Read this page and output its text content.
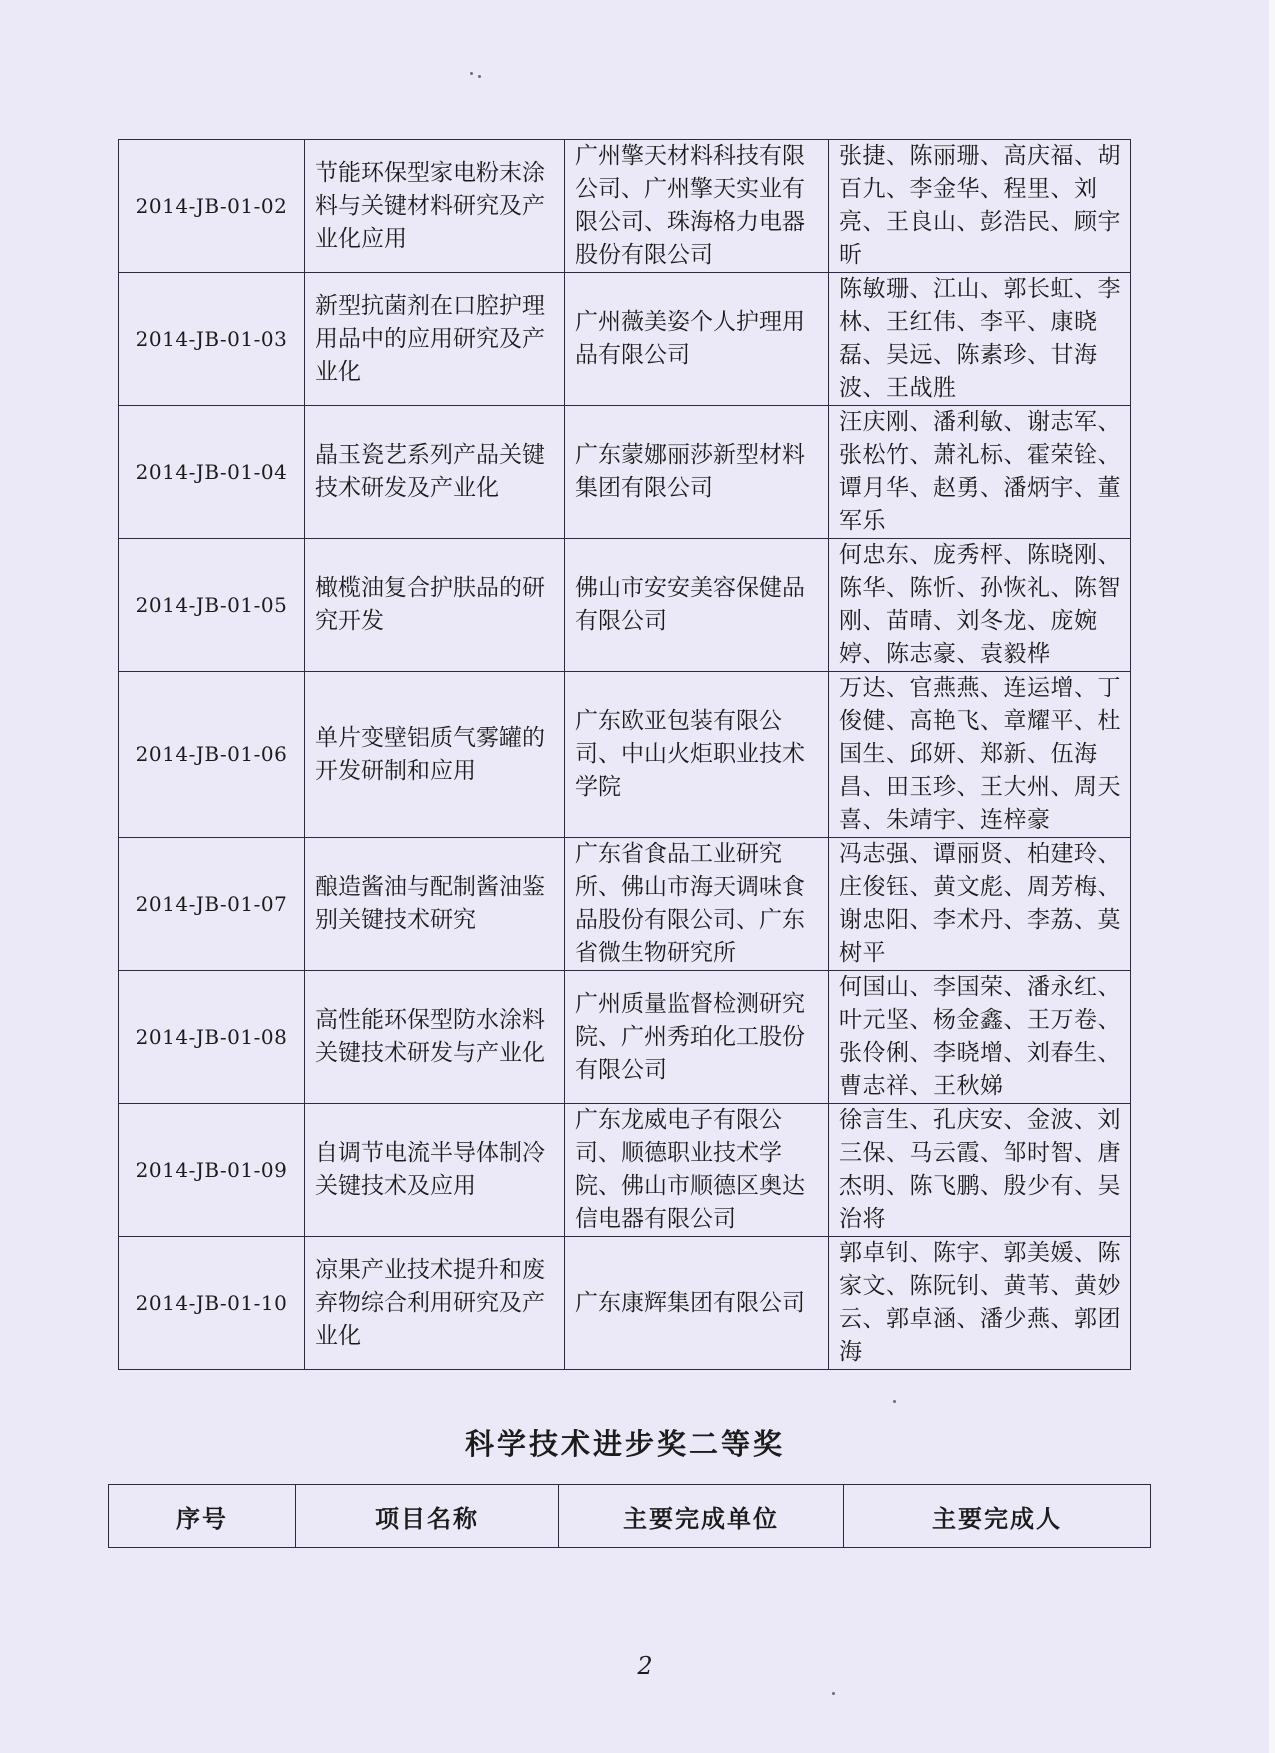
2014-JB-01-02	节能环保型家电粉末涂料与关键材料研究及产业化应用	广州擎天材料科技有限公司、广州擎天实业有限公司、珠海格力电器股份有限公司	张捷、陈丽珊、高庆福、胡百九、李金华、程里、刘亮、王良山、彭浩民、顾宇昕
2014-JB-01-03	新型抗菌剂在口腔护理用品中的应用研究及产业化	广州薇美姿个人护理用品有限公司	陈敏珊、江山、郭长虹、李林、王红伟、李平、康晓磊、吴远、陈素珍、甘海波、王战胜
2014-JB-01-04	晶玉瓷艺系列产品关键技术研发及产业化	广东蒙娜丽莎新型材料集团有限公司	汪庆刚、潘利敏、谢志军、张松竹、萧礼标、霍荣铨、谭月华、赵勇、潘炳宇、董军乐
2014-JB-01-05	橄榄油复合护肤品的研究开发	佛山市安安美容保健品有限公司	何忠东、庞秀枰、陈晓刚、陈华、陈忻、孙恢礼、陈智刚、苗晴、刘冬龙、庞婉婷、陈志豪、袁毅桦
2014-JB-01-06	单片变壁铝质气雾罐的开发研制和应用	广东欧亚包装有限公司、中山火炬职业技术学院	万达、官燕燕、连运增、丁俊健、高艳飞、章耀平、杜国生、邱妍、郑新、伍海昌、田玉珍、王大州、周天喜、朱靖宇、连梓豪
2014-JB-01-07	酿造酱油与配制酱油鉴别关键技术研究	广东省食品工业研究所、佛山市海天调味食品股份有限公司、广东省微生物研究所	冯志强、谭丽贤、柏建玲、庄俊钰、黄文彪、周芳梅、谢忠阳、李术丹、李荔、莫树平
2014-JB-01-08	高性能环保型防水涂料关键技术研发与产业化	广州质量监督检测研究院、广州秀珀化工股份有限公司	何国山、李国荣、潘永红、叶元坚、杨金鑫、王万卷、张伶俐、李晓增、刘春生、曹志祥、王秋娣
2014-JB-01-09	自调节电流半导体制冷关键技术及应用	广东龙威电子有限公司、顺德职业技术学院、佛山市顺德区奥达信电器有限公司	徐言生、孔庆安、金波、刘三保、马云霞、邹时智、唐杰明、陈飞鹏、殷少有、吴治将
2014-JB-01-10	凉果产业技术提升和废弃物综合利用研究及产业化	广东康辉集团有限公司	郭卓钊、陈宇、郭美媛、陈家文、陈阮钊、黄苇、黄妙云、郭卓涵、潘少燕、郭团海
科学技术进步奖二等奖
序号	项目名称	主要完成单位	主要完成人
2
